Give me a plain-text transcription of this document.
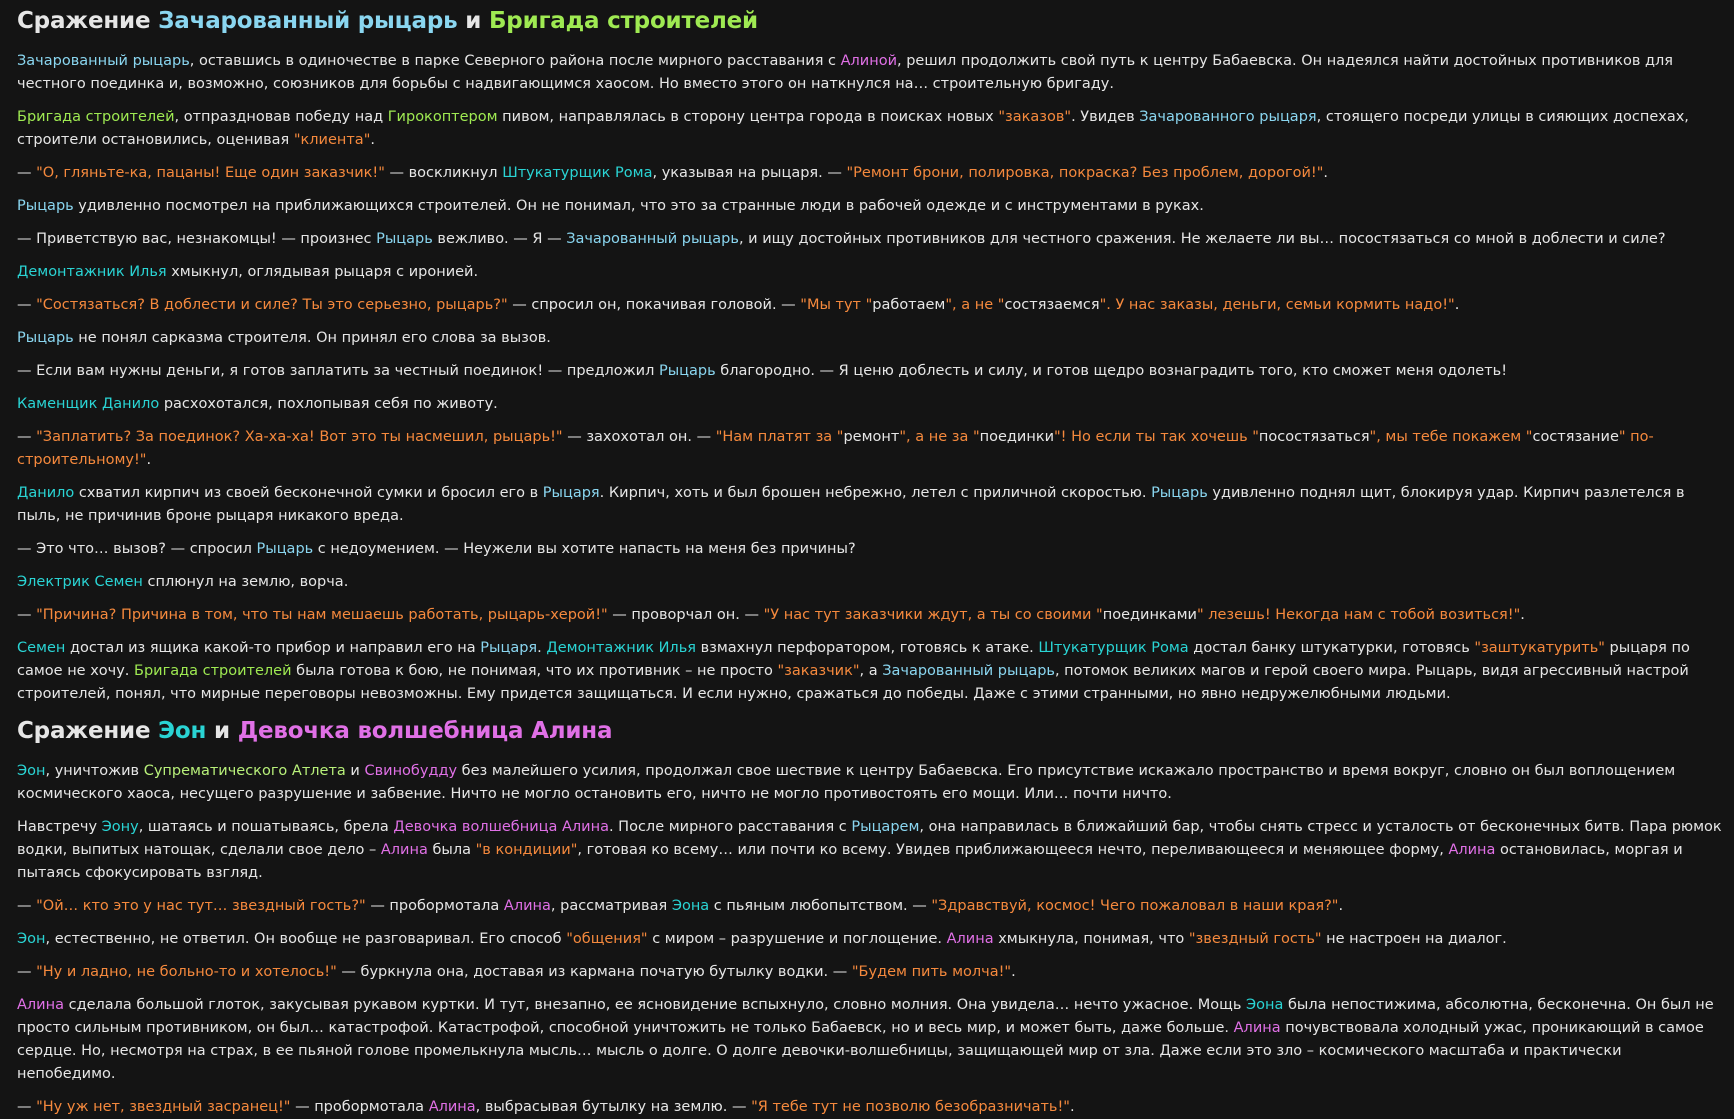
Сражение Зачарованный рыцарь и Бригада строителей

Зачарованный рыцарь, оставшись в одиночестве в парке Северного района после мирного расставания с Алиной, решил продолжить свой путь к центру Бабаевска. Он надеялся найти достойных противников для честного поединка и, возможно, союзников для борьбы с надвигающимся хаосом. Но вместо этого он наткнулся на… строительную бригаду.

Бригада строителей, отпраздновав победу над Гирокоптером пивом, направлялась в сторону центра города в поисках новых "заказов". Увидев Зачарованного рыцаря, стоящего посреди улицы в сияющих доспехах, строители остановились, оценивая "клиента".

— "О, гляньте-ка, пацаны! Еще один заказчик!" — воскликнул Штукатурщик Рома, указывая на рыцаря. — "Ремонт брони, полировка, покраска? Без проблем, дорогой!".

Рыцарь удивленно посмотрел на приближающихся строителей. Он не понимал, что это за странные люди в рабочей одежде и с инструментами в руках.

— Приветствую вас, незнакомцы! — произнес Рыцарь вежливо. — Я — Зачарованный рыцарь, и ищу достойных противников для честного сражения. Не желаете ли вы… посостязаться со мной в доблести и силе?

Демонтажник Илья хмыкнул, оглядывая рыцаря с иронией.

— "Состязаться? В доблести и силе? Ты это серьезно, рыцарь?" — спросил он, покачивая головой. — "Мы тут "работаем", а не "состязаемся". У нас заказы, деньги, семьи кормить надо!".

Рыцарь не понял сарказма строителя. Он принял его слова за вызов.

— Если вам нужны деньги, я готов заплатить за честный поединок! — предложил Рыцарь благородно. — Я ценю доблесть и силу, и готов щедро вознаградить того, кто сможет меня одолеть!

Каменщик Данило расхохотался, похлопывая себя по животу.

— "Заплатить? За поединок? Ха-ха-ха! Вот это ты насмешил, рыцарь!" — захохотал он. — "Нам платят за "ремонт", а не за "поединки"! Но если ты так хочешь "посостязаться", мы тебе покажем "состязание" по-строительному!".

Данило схватил кирпич из своей бесконечной сумки и бросил его в Рыцаря. Кирпич, хоть и был брошен небрежно, летел с приличной скоростью. Рыцарь удивленно поднял щит, блокируя удар. Кирпич разлетелся в пыль, не причинив броне рыцаря никакого вреда.

— Это что… вызов? — спросил Рыцарь с недоумением. — Неужели вы хотите напасть на меня без причины?

Электрик Семен сплюнул на землю, ворча.

— "Причина? Причина в том, что ты нам мешаешь работать, рыцарь-херой!" — проворчал он. — "У нас тут заказчики ждут, а ты со своими "поединками" лезешь! Некогда нам с тобой возиться!".

Семен достал из ящика какой-то прибор и направил его на Рыцаря. Демонтажник Илья взмахнул перфоратором, готовясь к атаке. Штукатурщик Рома достал банку штукатурки, готовясь "заштукатурить" рыцаря по самое не хочу. Бригада строителей была готова к бою, не понимая, что их противник – не просто "заказчик", а Зачарованный рыцарь, потомок великих магов и герой своего мира. Рыцарь, видя агрессивный настрой строителей, понял, что мирные переговоры невозможны. Ему придется защищаться. И если нужно, сражаться до победы. Даже с этими странными, но явно недружелюбными людьми.

Сражение Эон и Девочка волшебница Алина

Эон, уничтожив Супрематического Атлета и Свинобудду без малейшего усилия, продолжал свое шествие к центру Бабаевска. Его присутствие искажало пространство и время вокруг, словно он был воплощением космического хаоса, несущего разрушение и забвение. Ничто не могло остановить его, ничто не могло противостоять его мощи. Или… почти ничто.

Навстречу Эону, шатаясь и пошатываясь, брела Девочка волшебница Алина. После мирного расставания с Рыцарем, она направилась в ближайший бар, чтобы снять стресс и усталость от бесконечных битв. Пара рюмок водки, выпитых натощак, сделали свое дело – Алина была "в кондиции", готовая ко всему… или почти ко всему. Увидев приближающееся нечто, переливающееся и меняющее форму, Алина остановилась, моргая и пытаясь сфокусировать взгляд.

— "Ой… кто это у нас тут… звездный гость?" — пробормотала Алина, рассматривая Эона с пьяным любопытством. — "Здравствуй, космос! Чего пожаловал в наши края?".

Эон, естественно, не ответил. Он вообще не разговаривал. Его способ "общения" с миром – разрушение и поглощение. Алина хмыкнула, понимая, что "звездный гость" не настроен на диалог.

— "Ну и ладно, не больно-то и хотелось!" — буркнула она, доставая из кармана початую бутылку водки. — "Будем пить молча!".

Алина сделала большой глоток, закусывая рукавом куртки. И тут, внезапно, ее ясновидение вспыхнуло, словно молния. Она увидела… нечто ужасное. Мощь Эона была непостижима, абсолютна, бесконечна. Он был не просто сильным противником, он был… катастрофой. Катастрофой, способной уничтожить не только Бабаевск, но и весь мир, и может быть, даже больше. Алина почувствовала холодный ужас, проникающий в самое сердце. Но, несмотря на страх, в ее пьяной голове промелькнула мысль… мысль о долге. О долге девочки-волшебницы, защищающей мир от зла. Даже если это зло – космического масштаба и практически непобедимо.

— "Ну уж нет, звездный засранец!" — пробормотала Алина, выбрасывая бутылку на землю. — "Я тебе тут не позволю безобразничать!".
